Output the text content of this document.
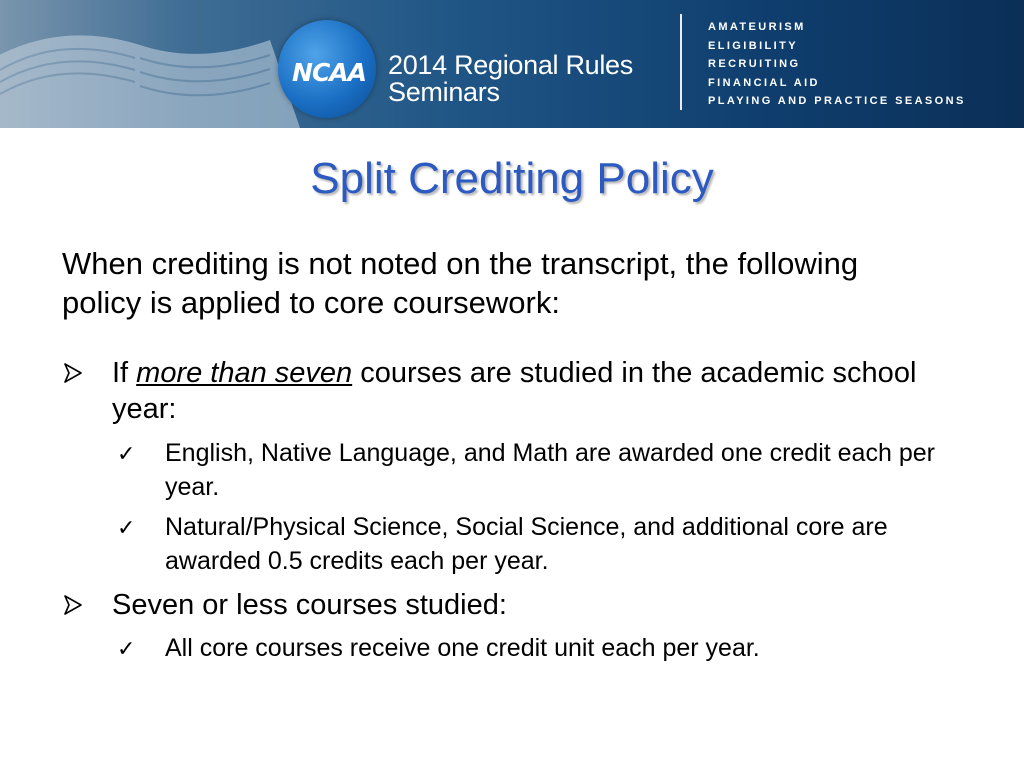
NCAA 2014 Regional Rules
Seminars
AMATEURISM
ELIGIBILITY
RECRUITING
FINANCIAL AID
PLAYING AND PRACTICE SEASONS
Split Crediting Policy

When crediting is not noted on the transcript, the following policy is applied to core coursework:

If more than seven courses are studied in the academic school year:
✓ English, Native Language, and Math are awarded one credit each per year.
✓ Natural/Physical Science, Social Science, and additional core are awarded 0.5 credits each per year.
Seven or less courses studied:
✓ All core courses receive one credit unit each per year.
